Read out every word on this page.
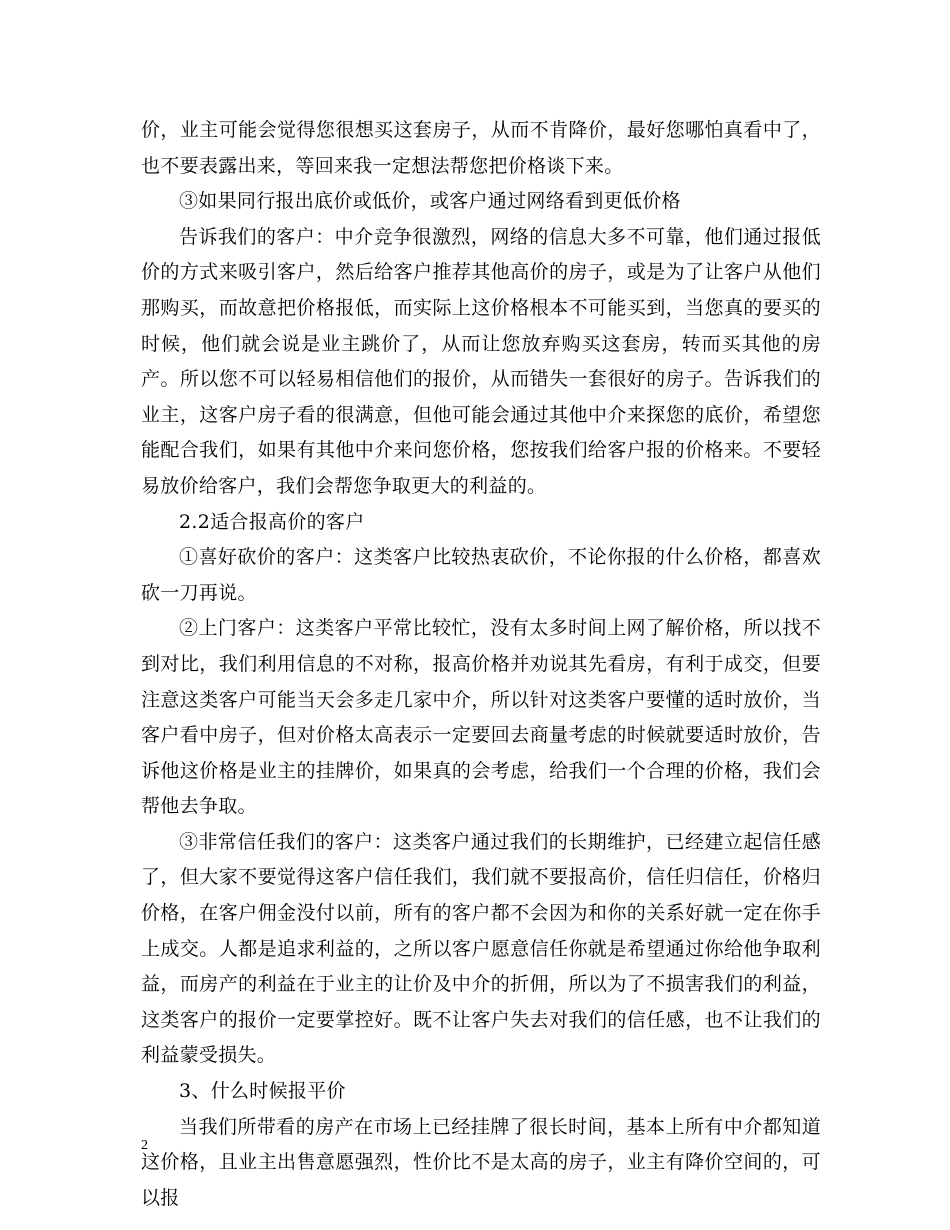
价，业主可能会觉得您很想买这套房子，从而不肯降价，最好您哪怕真看中了，也不要表露出来，等回来我一定想法帮您把价格谈下来。

③如果同行报出底价或低价，或客户通过网络看到更低价格

告诉我们的客户：中介竞争很激烈，网络的信息大多不可靠，他们通过报低价的方式来吸引客户，然后给客户推荐其他高价的房子，或是为了让客户从他们那购买，而故意把价格报低，而实际上这价格根本不可能买到，当您真的要买的时候，他们就会说是业主跳价了，从而让您放弃购买这套房，转而买其他的房产。所以您不可以轻易相信他们的报价，从而错失一套很好的房子。告诉我们的业主，这客户房子看的很满意，但他可能会通过其他中介来探您的底价，希望您能配合我们，如果有其他中介来问您价格，您按我们给客户报的价格来。不要轻易放价给客户，我们会帮您争取更大的利益的。

2.2适合报高价的客户

①喜好砍价的客户：这类客户比较热衷砍价，不论你报的什么价格，都喜欢砍一刀再说。

②上门客户：这类客户平常比较忙，没有太多时间上网了解价格，所以找不到对比，我们利用信息的不对称，报高价格并劝说其先看房，有利于成交，但要注意这类客户可能当天会多走几家中介，所以针对这类客户要懂的适时放价，当客户看中房子，但对价格太高表示一定要回去商量考虑的时候就要适时放价，告诉他这价格是业主的挂牌价，如果真的会考虑，给我们一个合理的价格，我们会帮他去争取。

③非常信任我们的客户：这类客户通过我们的长期维护，已经建立起信任感了，但大家不要觉得这客户信任我们，我们就不要报高价，信任归信任，价格归价格，在客户佣金没付以前，所有的客户都不会因为和你的关系好就一定在你手上成交。人都是追求利益的，之所以客户愿意信任你就是希望通过你给他争取利益，而房产的利益在于业主的让价及中介的折佣，所以为了不损害我们的利益，这类客户的报价一定要掌控好。既不让客户失去对我们的信任感，也不让我们的利益蒙受损失。

3、什么时候报平价

当我们所带看的房产在市场上已经挂牌了很长时间，基本上所有中介都知道这价格，且业主出售意愿强烈，性价比不是太高的房子，业主有降价空间的，可以报

2
